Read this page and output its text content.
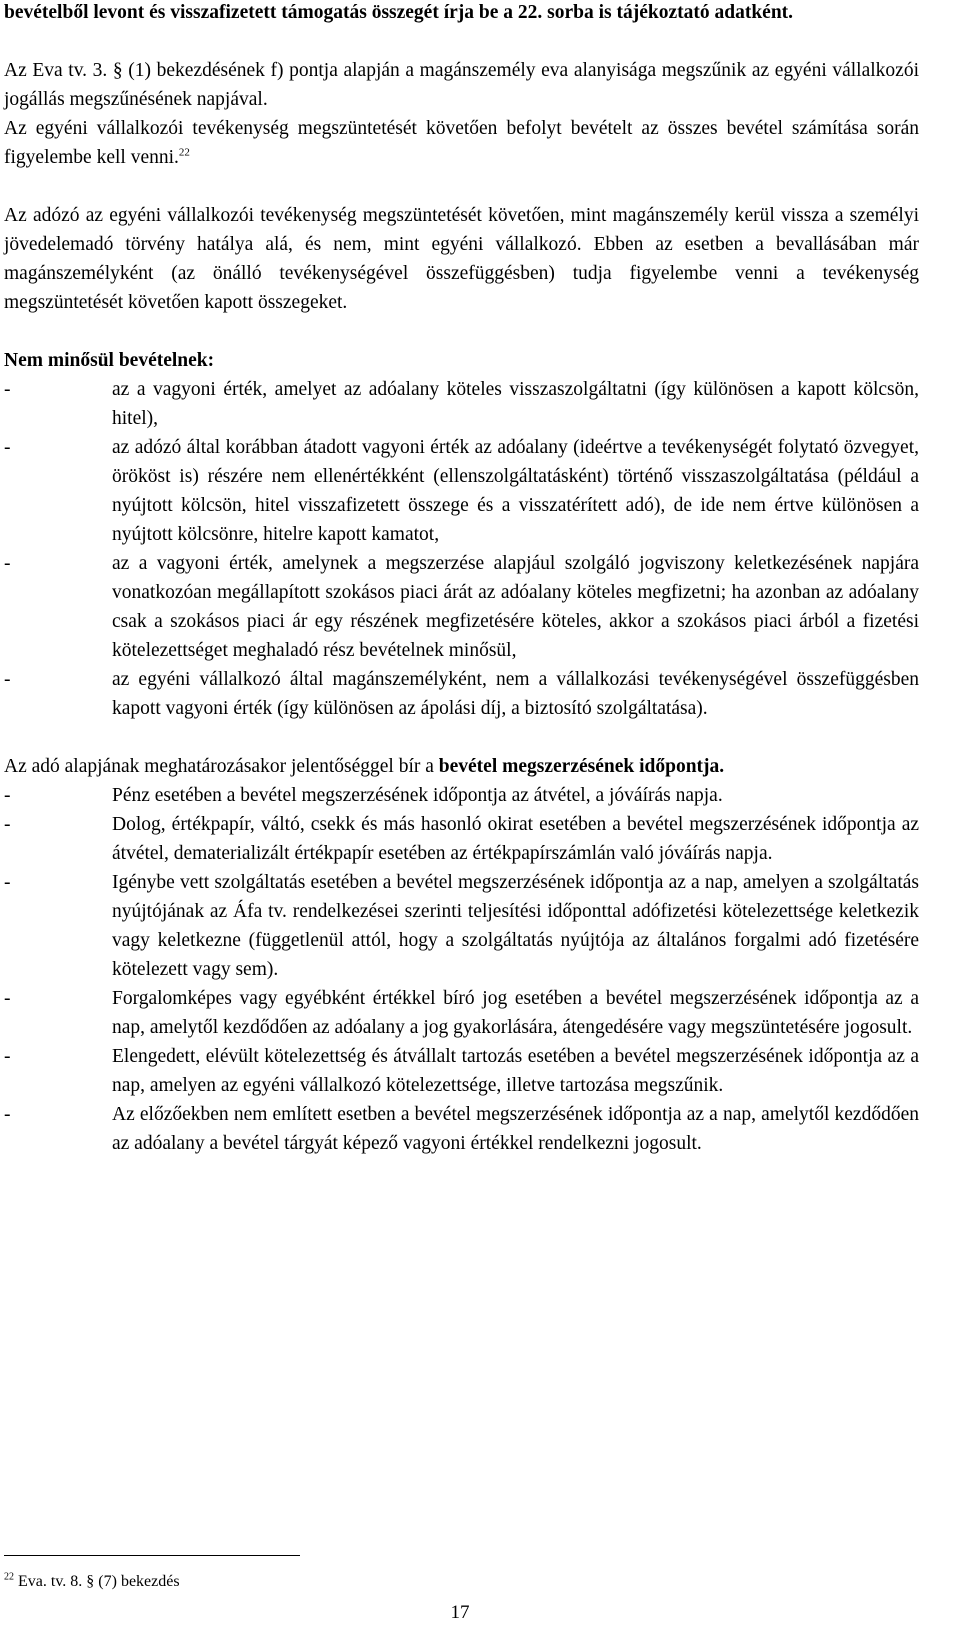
bevételből levont és visszafizetett támogatás összegét írja be a 22. sorba is tájékoztató adatként.

Az Eva tv. 3. § (1) bekezdésének f) pontja alapján a magánszemély eva alanyisága megszűnik az egyéni vállalkozói jogállás megszűnésének napjával.

Az egyéni vállalkozói tevékenység megszüntetését követően befolyt bevételt az összes bevétel számítása során figyelembe kell venni.$^{22}$

Az adózó az egyéni vállalkozói tevékenység megszüntetését követően, mint magánszemély kerül vissza a személyi jövedelemadó törvény hatálya alá, és nem, mint egyéni vállalkozó. Ebben az esetben a bevallásában már magánszemélyként (az önálló tevékenységével összefüggésben) tudja figyelembe venni a tevékenység megszüntetését követően kapott összegeket.

Nem minősül bevételnek:

-	az a vagyoni érték, amelyet az adóalany köteles visszaszolgáltatni (így különösen a kapott kölcsön, hitel),
-	az adózó által korábban átadott vagyoni érték az adóalany (ideértve a tevékenységét folytató özvegyet, örököst is) részére nem ellenértékként (ellenszolgáltatásként) történő visszaszolgáltatása (például a nyújtott kölcsön, hitel visszafizetett összege és a visszatérített adó), de ide nem értve különösen a nyújtott kölcsönre, hitelre kapott kamatot,
-	az a vagyoni érték, amelynek a megszerzése alapjául szolgáló jogviszony keletkezésének napjára vonatkozóan megállapított szokásos piaci árát az adóalany köteles megfizetni; ha azonban az adóalany csak a szokásos piaci ár egy részének megfizetésére köteles, akkor a szokásos piaci árból a fizetési kötelezettséget meghaladó rész bevételnek minősül,
-	az egyéni vállalkozó által magánszemélyként, nem a vállalkozási tevékenységével összefüggésben kapott vagyoni érték (így különösen az ápolási díj, a biztosító szolgáltatása).

Az adó alapjának meghatározásakor jelentőséggel bír a bevétel megszerzésének időpontja.

-	Pénz esetében a bevétel megszerzésének időpontja az átvétel, a jóváírás napja.
-	Dolog, értékpapír, váltó, csekk és más hasonló okirat esetében a bevétel megszerzésének időpontja az átvétel, dematerializált értékpapír esetében az értékpapírszámlán való jóváírás napja.
-	Igénybe vett szolgáltatás esetében a bevétel megszerzésének időpontja az a nap, amelyen a szolgáltatás nyújtójának az Áfa tv. rendelkezései szerinti teljesítési időponttal adófizetési kötelezettsége keletkezik vagy keletkezne (függetlenül attól, hogy a szolgáltatás nyújtója az általános forgalmi adó fizetésére kötelezett vagy sem).
-	Forgalomképes vagy egyébként értékkel bíró jog esetében a bevétel megszerzésének időpontja az a nap, amelytől kezdődően az adóalany a jog gyakorlására, átengedésére vagy megszüntetésére jogosult.
-	Elengedett, elévült kötelezettség és átvállalt tartozás esetében a bevétel megszerzésének időpontja az a nap, amelyen az egyéni vállalkozó kötelezettsége, illetve tartozása megszűnik.
-	Az előzőekben nem említett esetben a bevétel megszerzésének időpontja az a nap, amelytől kezdődően az adóalany a bevétel tárgyát képező vagyoni értékkel rendelkezni jogosult.
$^{22}$ Eva. tv. 8. § (7) bekezdés
17
